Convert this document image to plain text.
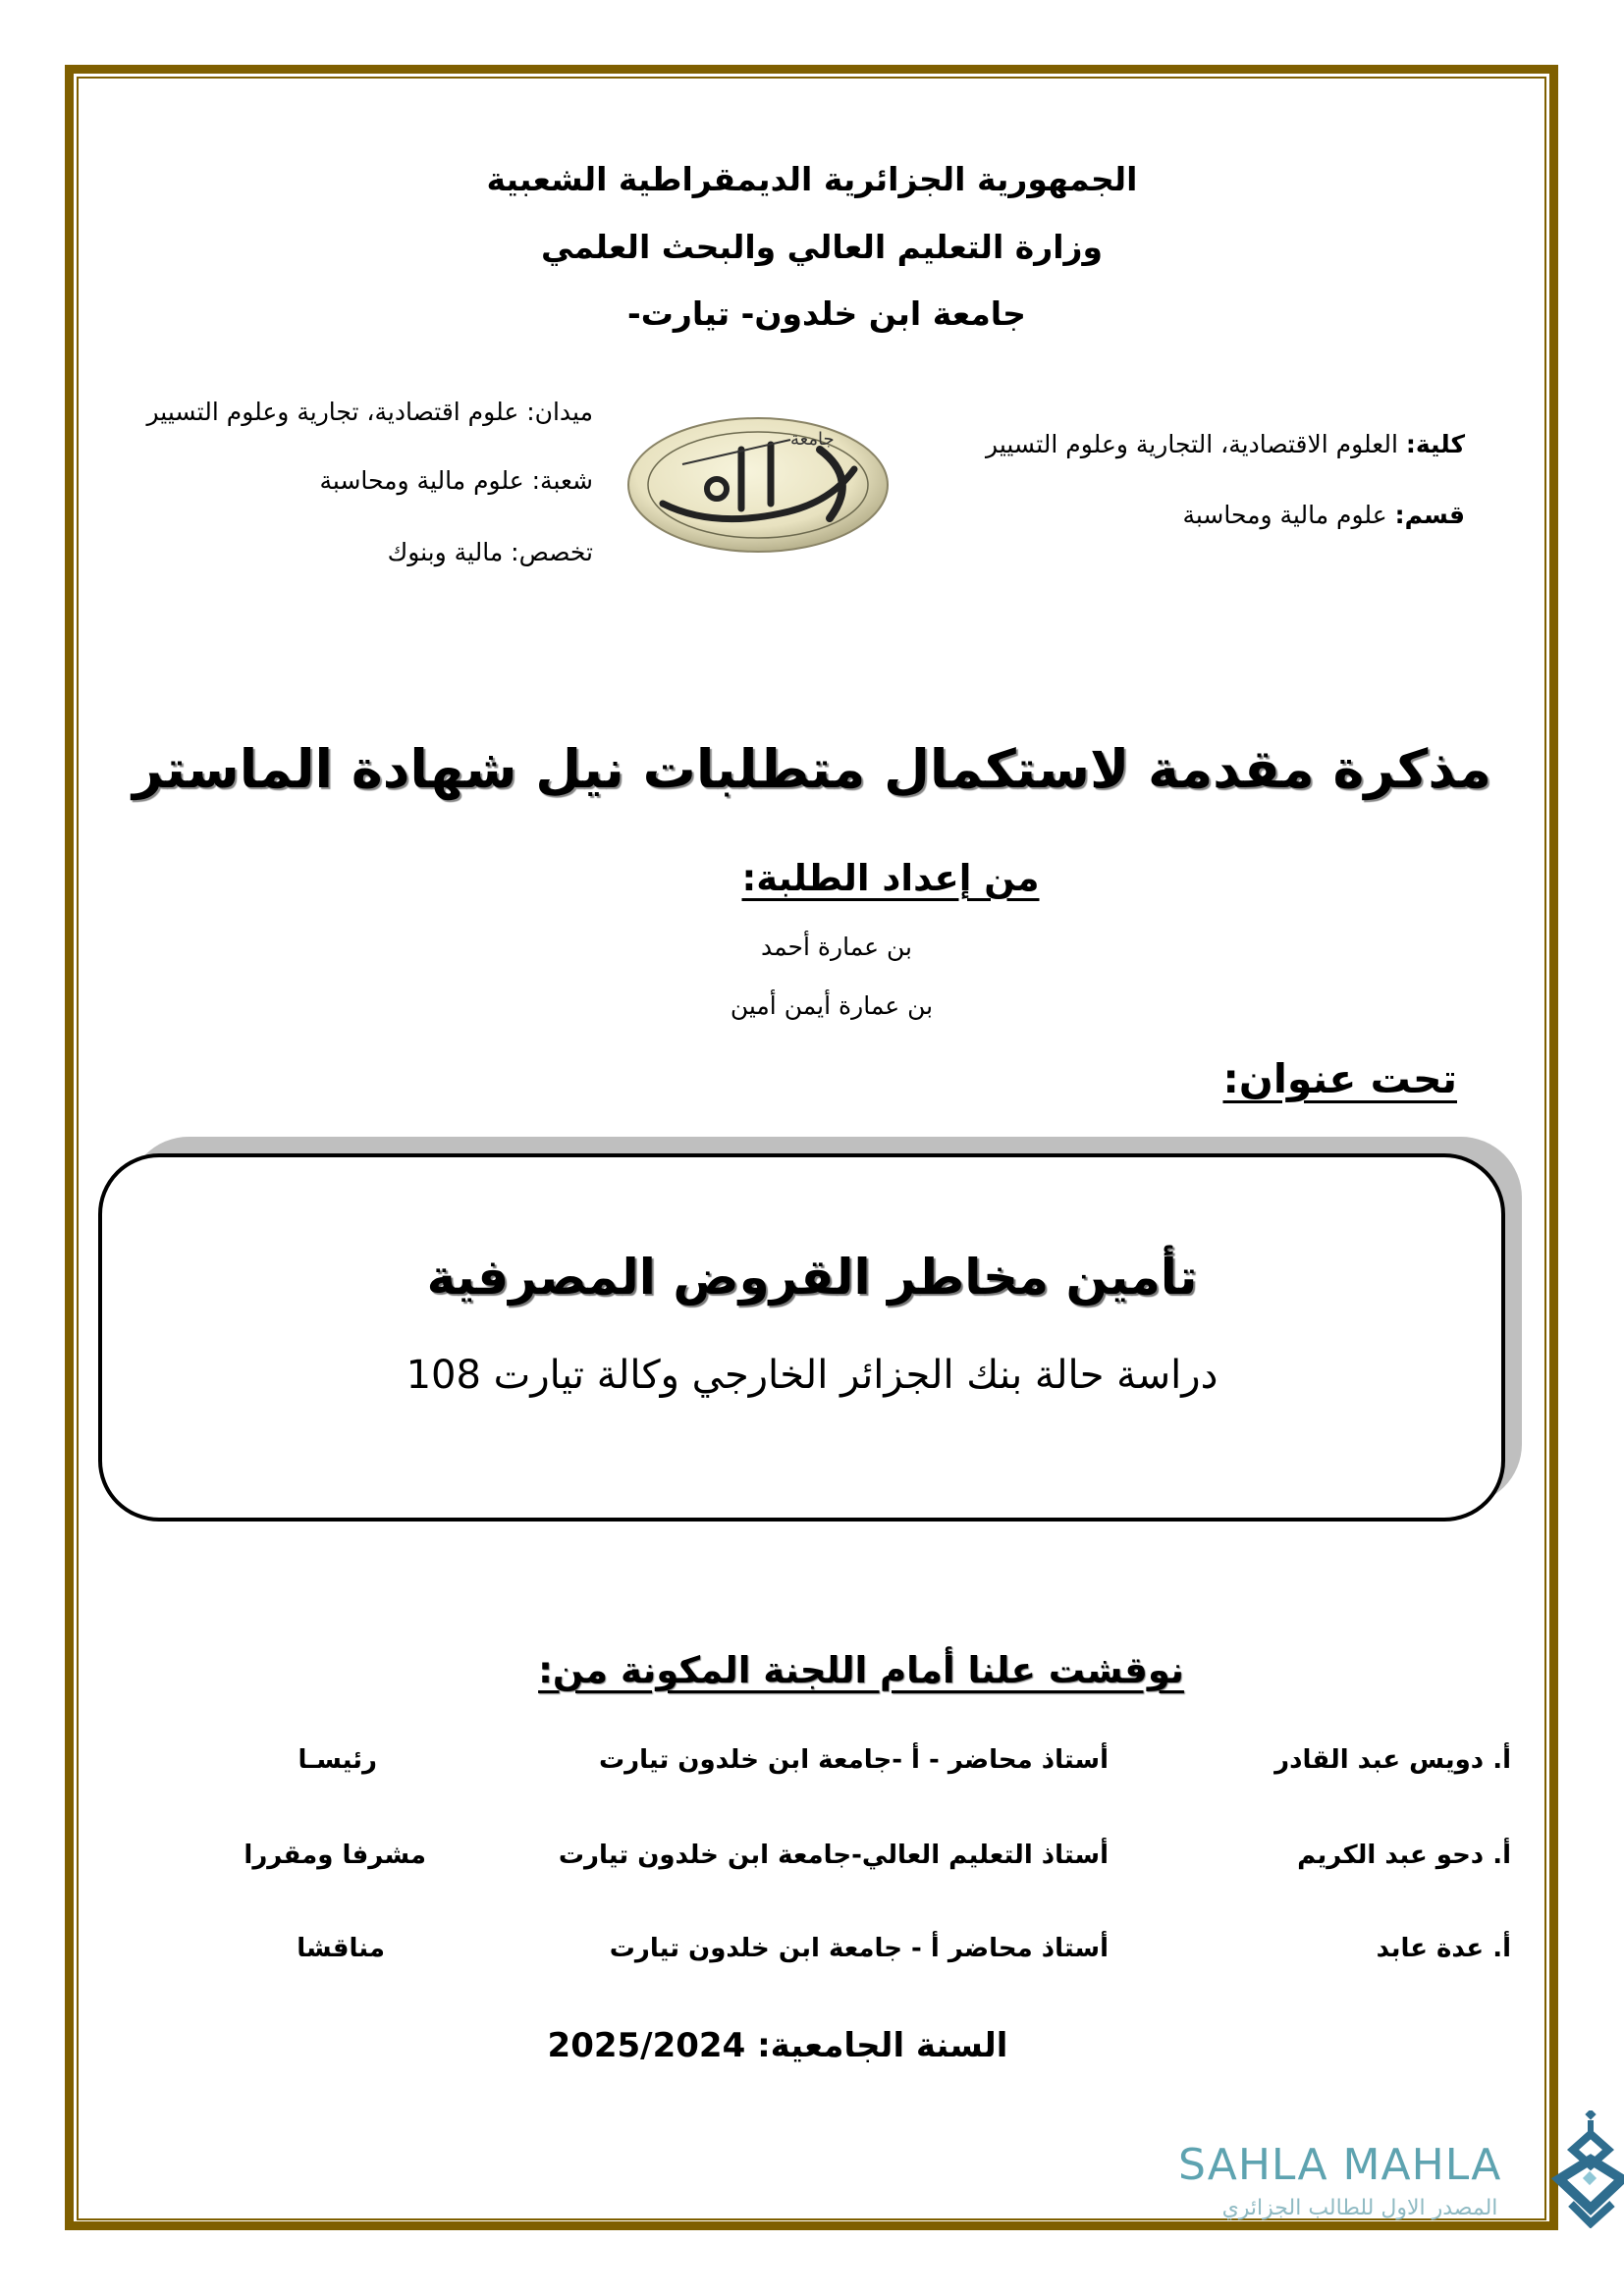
الجمهورية الجزائرية الديمقراطية الشعبية
وزارة التعليم العالي والبحث العلمي
جامعة ابن خلدون- تيارت-
ميدان: علوم اقتصادية، تجارية وعلوم التسيير
شعبة: علوم مالية ومحاسبة
تخصص: مالية وبنوك
جامعة	كلية: العلوم الاقتصادية، التجارية وعلوم التسيير
قسم: علوم مالية ومحاسبة
مذكرة مقدمة لاستكمال متطلبات نيل شهادة الماستر
من إعداد الطلبة:
بن عمارة أحمد
بن عمارة أيمن أمين
تحت عنوان:
تأمين مخاطر القروض المصرفية
دراسة حالة بنك الجزائر الخارجي وكالة تيارت 108
نوقشت علنا أمام اللجنة المكونة من:
أ. دويس عبد القادر
أستاذ محاضر - أ -جامعة ابن خلدون تيارت
رئيسـا
أ. دحو عبد الكريم
أستاذ التعليم العالي-جامعة ابن خلدون تيارت
مشرفا ومقررا
أ. عدة عابد
أستاذ محاضر أ - جامعة ابن خلدون تيارت
مناقشا
السنة الجامعية: 2025/2024
SAHLA MAHLA
المصدر الاول للطالب الجزائري
